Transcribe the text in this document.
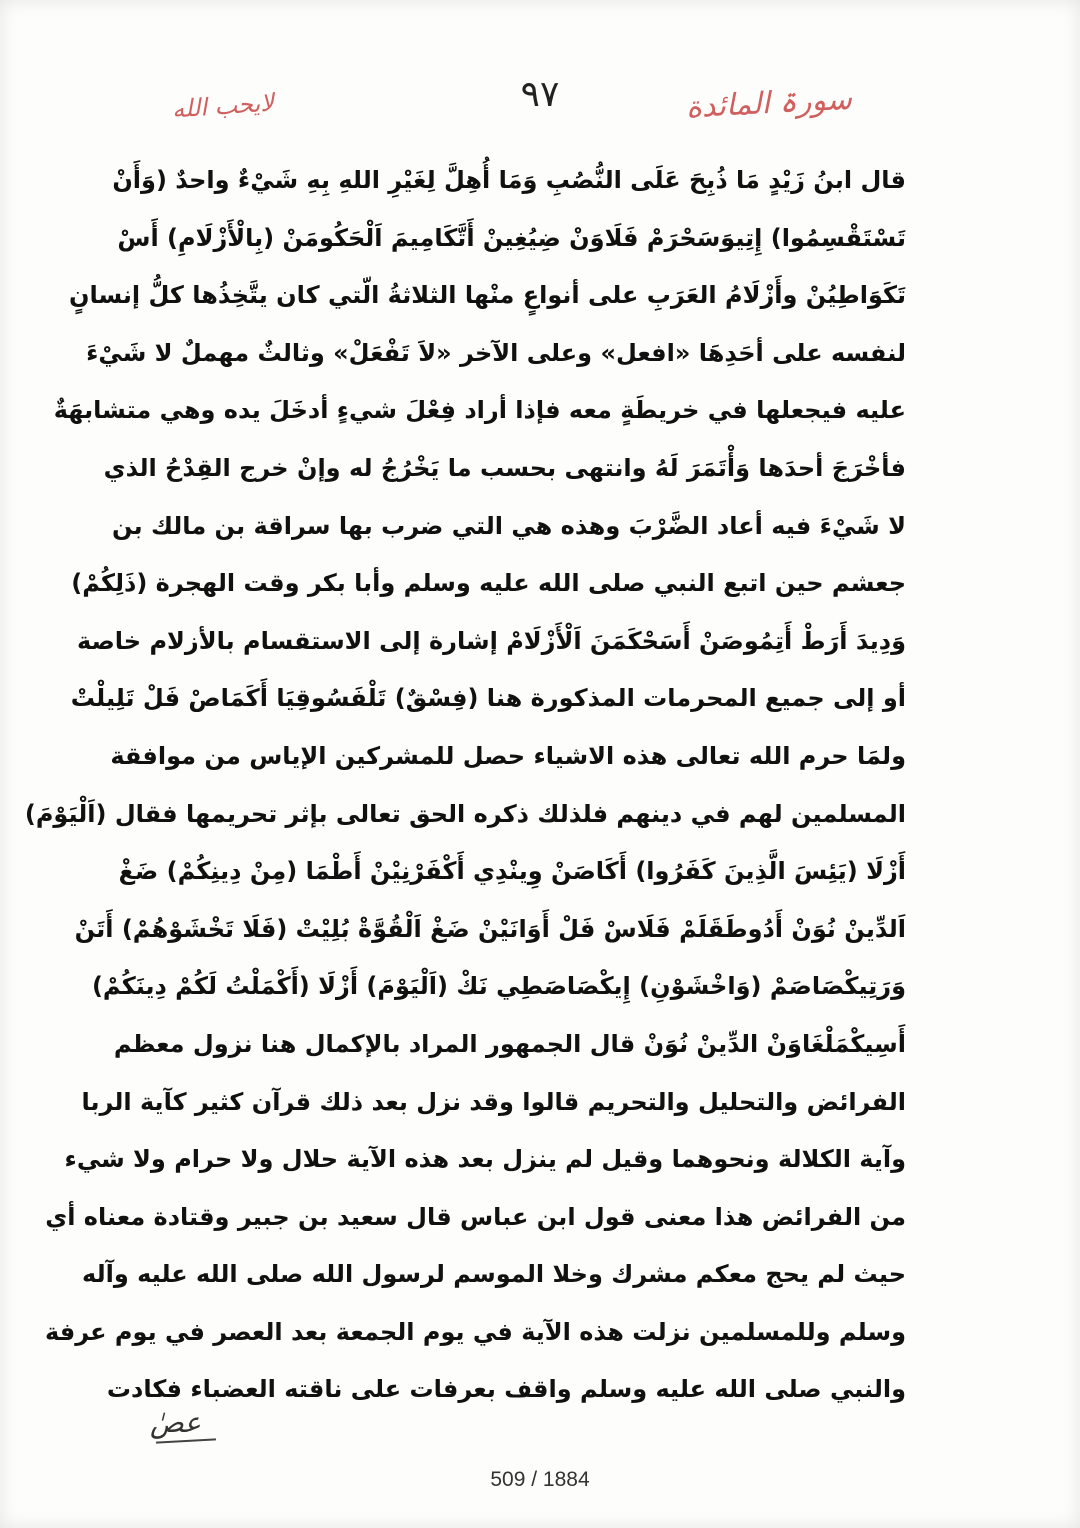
لايحب الله	٩٧	سورۃ المائدة
قال ابنُ زَيْدٍ مَا ذُبِحَ عَلَى النُّصُبِ وَمَا أُهِلَّ لِغَيْرِ اللهِ بِهِ شَيْءٌ واحدٌ (وَأَنْ
تَسْتَقْسِمُوا) إِتِيوَسَحْرَمْ فَلَاوَنْ ضِيُغِينْ أَتَّكَامِيمَ اَلْحَكُومَنْ (بِالْأَزْلَامِ) أَسْ
تَكَوَاطِيُنْ وأَزْلَامُ العَرَبِ على أنواعٍ منْها الثلاثةُ الّتي كان يتَّخِذُها كلُّ إنسانٍ
لنفسه على أحَدِهَا «افعل» وعلى الآخر «لاَ تَفْعَلْ» وثالثٌ مهملٌ لا شَيْءَ
عليه فيجعلها في خريطَةٍ معه فإذا أراد فِعْلَ شيءٍ أدخَلَ يده وهي متشابهَةٌ
فأخْرَجَ أحدَها وَأْتَمَرَ لَهُ وانتهى بحسب ما يَخْرُجُ له وإنْ خرج القِدْحُ الذي
لا شَيْءَ فيه أعاد الضَّرْبَ وهذه هي التي ضرب بها سراقة بن مالك بن
جعشم حين اتبع النبي صلى الله عليه وسلم وأبا بكر وقت الهجرة (ذَلِكُمْ)
وَدِيدَ أَرَطْ أَتِمُوصَنْ أَسَحْكَمَنَ اَلْأَزْلَامْ إشارة إلى الاستقسام بالأزلام خاصة
أو إلى جميع المحرمات المذكورة هنا (فِسْقٌ) تَلْفَسُوقِيَا أَكَمَاصْ فَلْ تَلِيلْتْ
ولمَا حرم الله تعالى هذه الاشياء حصل للمشركين الإياس من موافقة
المسلمين لهم في دينهم فلذلك ذكره الحق تعالى بإثر تحريمها فقال (اَلْيَوْمَ)
أَزْلَا (يَئِسَ الَّذِينَ كَفَرُوا) أَكَاصَنْ وِينْدِي أَكْفَرْنِيْنْ أَطْمَا (مِنْ دِينِكُمْ) ضَغْ
اَلدِّينْ نُوَنْ أَدُوطَقَلَمْ فَلَاسْ فَلْ أَوَانَيْنْ ضَغْ اَلْقُوَّةْ بُلِيْتْ (فَلَا تَخْشَوْهُمْ) أَتَنْ
وَرَتِيكْصَاصَمْ (وَاخْشَوْنِ) إِيكْصَاصَطِي نَكْ (اَلْيَوْمَ) أَزْلَا (أَكْمَلْتُ لَكُمْ دِينَكُمْ)
أَسِيكْمَلْغَاوَنْ الدِّينْ نُوَنْ قال الجمهور المراد بالإكمال هنا نزول معظم
الفرائض والتحليل والتحريم قالوا وقد نزل بعد ذلك قرآن كثير كآية الربا
وآية الكلالة ونحوهما وقيل لم ينزل بعد هذه الآية حلال ولا حرام ولا شيء
من الفرائض هذا معنى قول ابن عباس قال سعيد بن جبير وقتادة معناه أي
حيث لم يحج معكم مشرك وخلا الموسم لرسول الله صلى الله عليه وآله
وسلم وللمسلمين نزلت هذه الآية في يوم الجمعة بعد العصر في يوم عرفة
والنبي صلى الله عليه وسلم واقف بعرفات على ناقته العضباء فكادت
عصٰ
509 / 1884
